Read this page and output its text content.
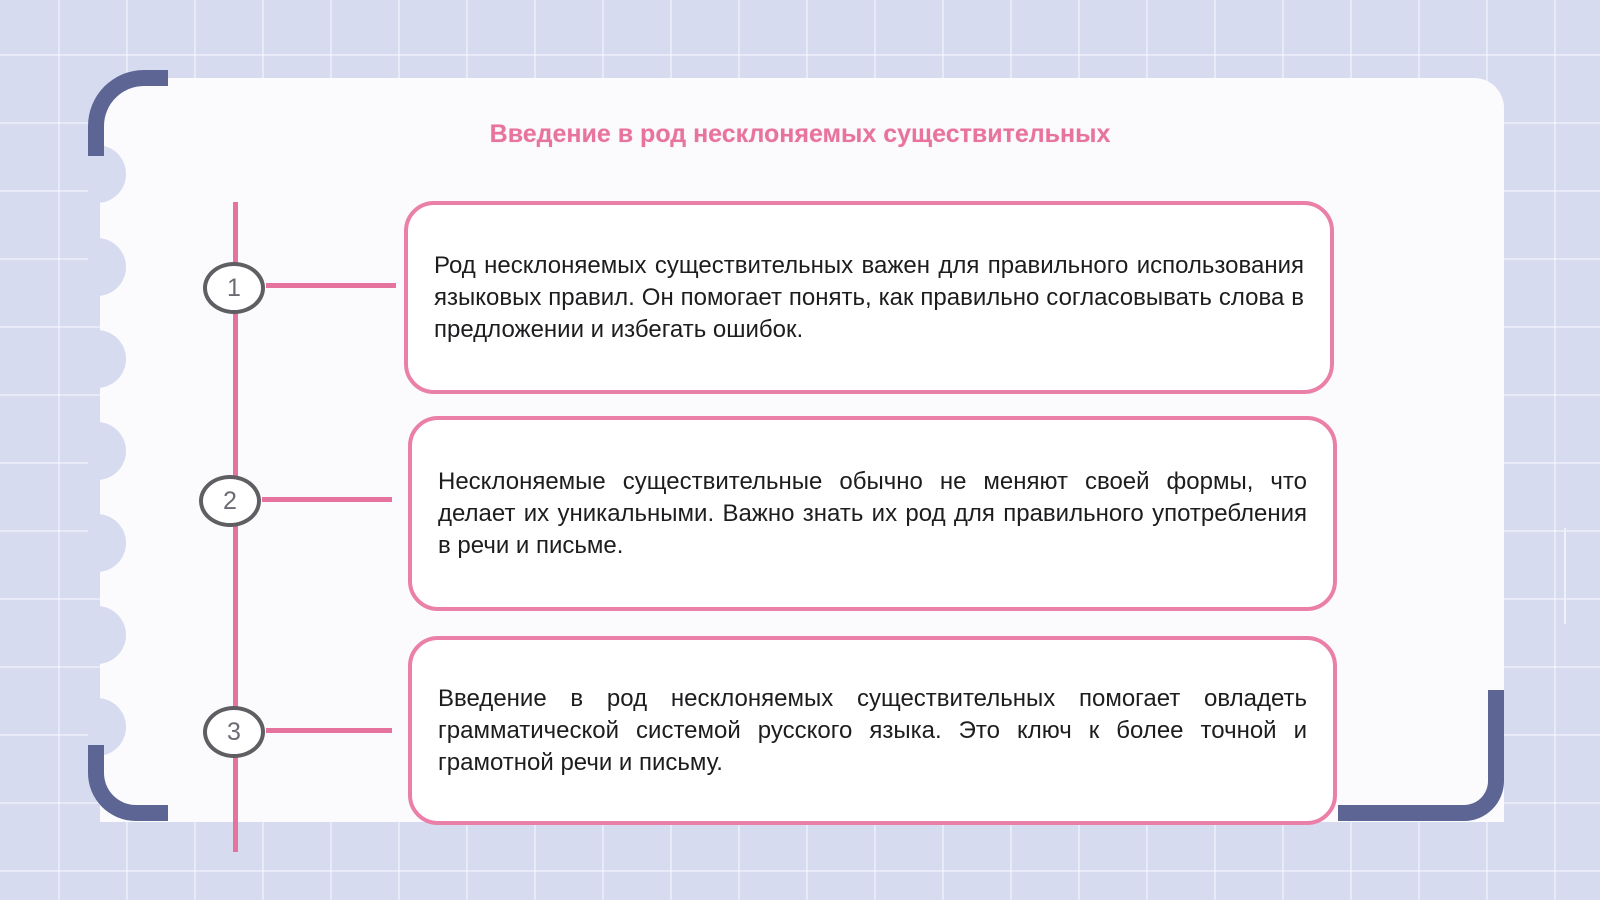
Введение в род несклоняемых существительных
1
2
3

Род несклоняемых существительных важен для правильного использования языковых правил. Он помогает понять, как правильно согласовывать слова в предложении и избегать ошибок.

Несклоняемые существительные обычно не меняют своей формы, что делает их уникальными. Важно знать их род для правильного употребления в речи и письме.

Введение в род несклоняемых существительных помогает овладеть грамматической системой русского языка. Это ключ к более точной и грамотной речи и письму.
